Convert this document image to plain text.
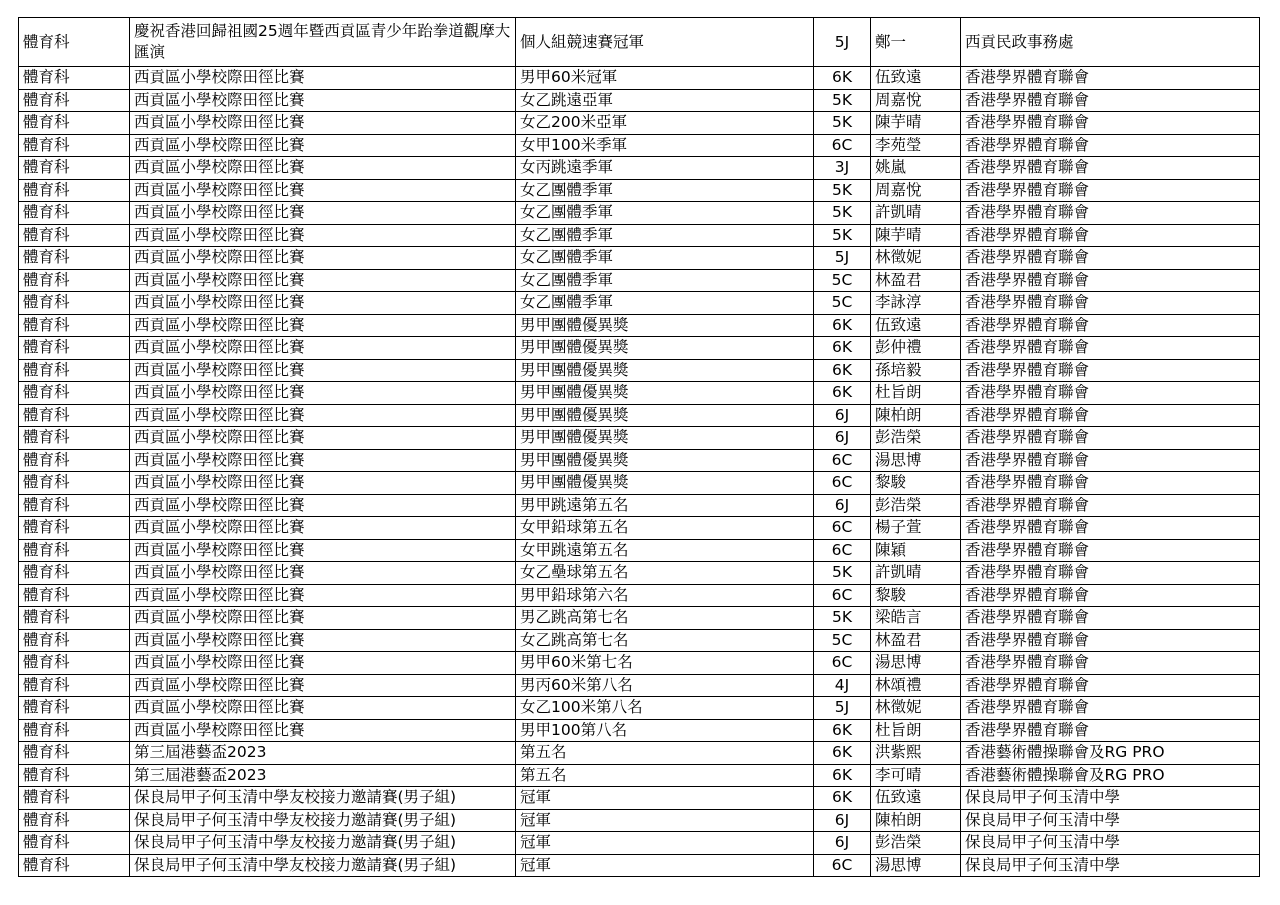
體育科	慶祝香港回歸祖國25週年暨西貢區青少年跆拳道觀摩大匯演	個人組競速賽冠軍	5J	鄭一	西貢民政事務處
體育科	西貢區小學校際田徑比賽	男甲60米冠軍	6K	伍致遠	香港學界體育聯會
體育科	西貢區小學校際田徑比賽	女乙跳遠亞軍	5K	周嘉悅	香港學界體育聯會
體育科	西貢區小學校際田徑比賽	女乙200米亞軍	5K	陳芋晴	香港學界體育聯會
體育科	西貢區小學校際田徑比賽	女甲100米季軍	6C	李苑瑩	香港學界體育聯會
體育科	西貢區小學校際田徑比賽	女丙跳遠季軍	3J	姚嵐	香港學界體育聯會
體育科	西貢區小學校際田徑比賽	女乙團體季軍	5K	周嘉悅	香港學界體育聯會
體育科	西貢區小學校際田徑比賽	女乙團體季軍	5K	許凱晴	香港學界體育聯會
體育科	西貢區小學校際田徑比賽	女乙團體季軍	5K	陳芋晴	香港學界體育聯會
體育科	西貢區小學校際田徑比賽	女乙團體季軍	5J	林徵妮	香港學界體育聯會
體育科	西貢區小學校際田徑比賽	女乙團體季軍	5C	林盈君	香港學界體育聯會
體育科	西貢區小學校際田徑比賽	女乙團體季軍	5C	李詠淳	香港學界體育聯會
體育科	西貢區小學校際田徑比賽	男甲團體優異獎	6K	伍致遠	香港學界體育聯會
體育科	西貢區小學校際田徑比賽	男甲團體優異獎	6K	彭仲禮	香港學界體育聯會
體育科	西貢區小學校際田徑比賽	男甲團體優異獎	6K	孫培毅	香港學界體育聯會
體育科	西貢區小學校際田徑比賽	男甲團體優異獎	6K	杜旨朗	香港學界體育聯會
體育科	西貢區小學校際田徑比賽	男甲團體優異獎	6J	陳柏朗	香港學界體育聯會
體育科	西貢區小學校際田徑比賽	男甲團體優異獎	6J	彭浩榮	香港學界體育聯會
體育科	西貢區小學校際田徑比賽	男甲團體優異獎	6C	湯思博	香港學界體育聯會
體育科	西貢區小學校際田徑比賽	男甲團體優異獎	6C	黎駿	香港學界體育聯會
體育科	西貢區小學校際田徑比賽	男甲跳遠第五名	6J	彭浩榮	香港學界體育聯會
體育科	西貢區小學校際田徑比賽	女甲鉛球第五名	6C	楊子萱	香港學界體育聯會
體育科	西貢區小學校際田徑比賽	女甲跳遠第五名	6C	陳穎	香港學界體育聯會
體育科	西貢區小學校際田徑比賽	女乙壘球第五名	5K	許凱晴	香港學界體育聯會
體育科	西貢區小學校際田徑比賽	男甲鉛球第六名	6C	黎駿	香港學界體育聯會
體育科	西貢區小學校際田徑比賽	男乙跳高第七名	5K	梁皓言	香港學界體育聯會
體育科	西貢區小學校際田徑比賽	女乙跳高第七名	5C	林盈君	香港學界體育聯會
體育科	西貢區小學校際田徑比賽	男甲60米第七名	6C	湯思博	香港學界體育聯會
體育科	西貢區小學校際田徑比賽	男丙60米第八名	4J	林頌禮	香港學界體育聯會
體育科	西貢區小學校際田徑比賽	女乙100米第八名	5J	林徵妮	香港學界體育聯會
體育科	西貢區小學校際田徑比賽	男甲100第八名	6K	杜旨朗	香港學界體育聯會
體育科	第三屆港藝盃2023	第五名	6K	洪紫熙	香港藝術體操聯會及RG PRO
體育科	第三屆港藝盃2023	第五名	6K	李可晴	香港藝術體操聯會及RG PRO
體育科	保良局甲子何玉清中學友校接力邀請賽(男子組)	冠軍	6K	伍致遠	保良局甲子何玉清中學
體育科	保良局甲子何玉清中學友校接力邀請賽(男子組)	冠軍	6J	陳柏朗	保良局甲子何玉清中學
體育科	保良局甲子何玉清中學友校接力邀請賽(男子組)	冠軍	6J	彭浩榮	保良局甲子何玉清中學
體育科	保良局甲子何玉清中學友校接力邀請賽(男子組)	冠軍	6C	湯思博	保良局甲子何玉清中學
